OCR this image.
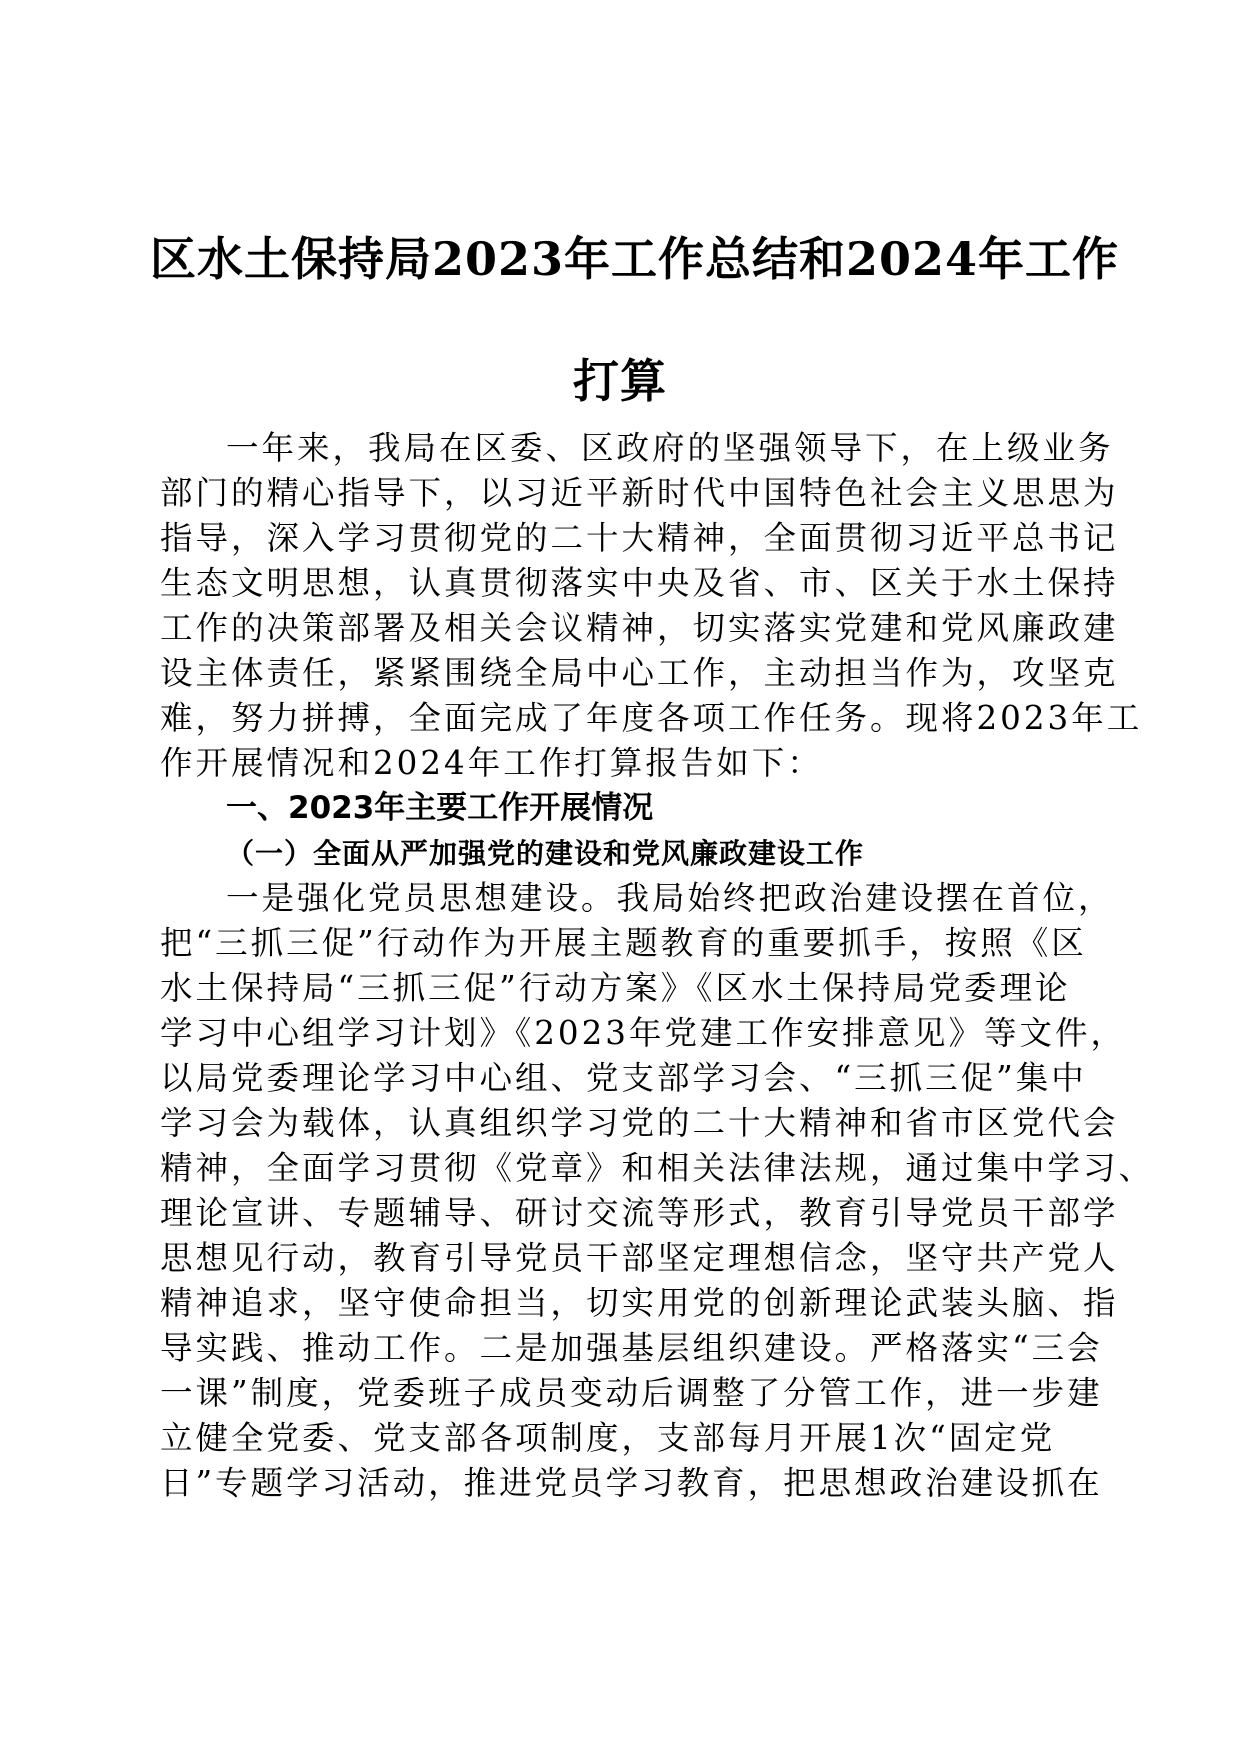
区水土保持局2023年工作总结和2024年工作
打算
一年来，我局在区委、区政府的坚强领导下，在上级业务
部门的精心指导下，以习近平新时代中国特色社会主义思思为
指导，深入学习贯彻党的二十大精神，全面贯彻习近平总书记
生态文明思想，认真贯彻落实中央及省、市、区关于水土保持
工作的决策部署及相关会议精神，切实落实党建和党风廉政建
设主体责任，紧紧围绕全局中心工作，主动担当作为，攻坚克
难，努力拼搏，全面完成了年度各项工作任务。现将2023年工
作开展情况和2024年工作打算报告如下：
一、2023年主要工作开展情况
（一）全面从严加强党的建设和党风廉政建设工作
一是强化党员思想建设。我局始终把政治建设摆在首位，
把“三抓三促”行动作为开展主题教育的重要抓手，按照《区
水土保持局“三抓三促”行动方案》《区水土保持局党委理论
学习中心组学习计划》《2023年党建工作安排意见》等文件，
以局党委理论学习中心组、党支部学习会、“三抓三促”集中
学习会为载体，认真组织学习党的二十大精神和省市区党代会
精神，全面学习贯彻《党章》和相关法律法规，通过集中学习、
理论宣讲、专题辅导、研讨交流等形式，教育引导党员干部学
思想见行动，教育引导党员干部坚定理想信念，坚守共产党人
精神追求，坚守使命担当，切实用党的创新理论武装头脑、指
导实践、推动工作。二是加强基层组织建设。严格落实“三会
一课”制度，党委班子成员变动后调整了分管工作，进一步建
立健全党委、党支部各项制度，支部每月开展1次“固定党
日”专题学习活动，推进党员学习教育，把思想政治建设抓在
